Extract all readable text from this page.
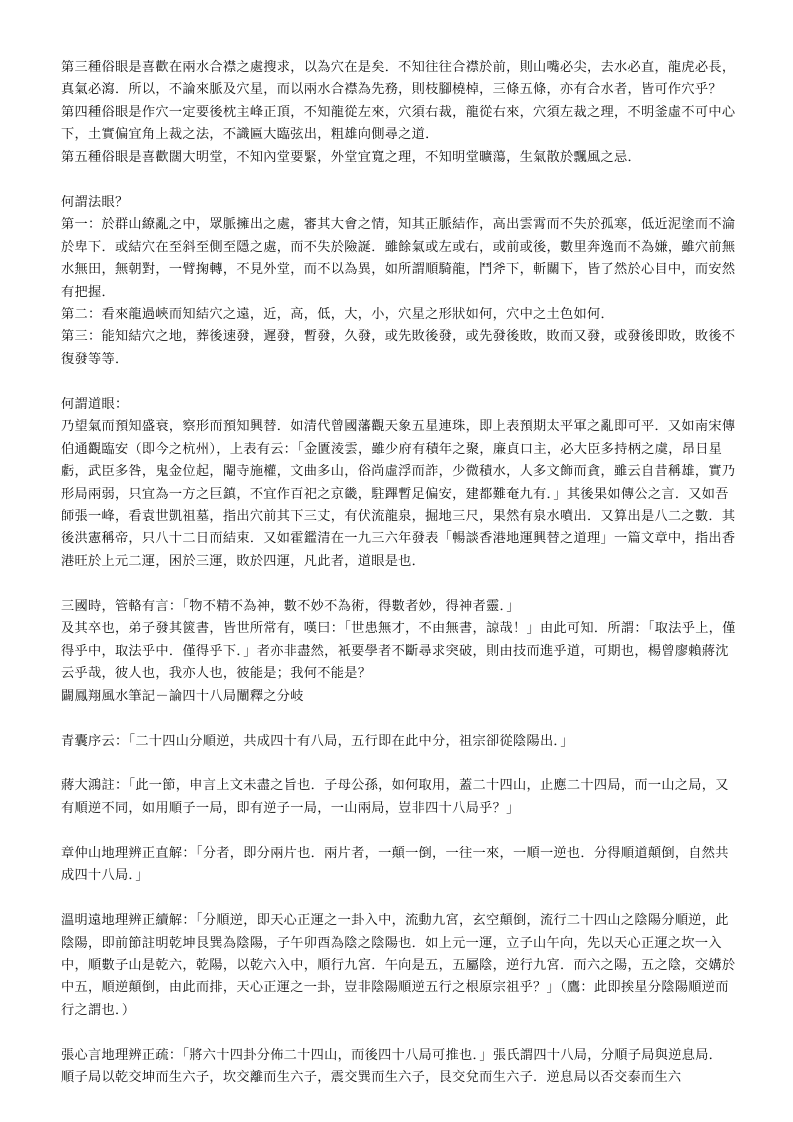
第三種俗眼是喜歡在兩水合襟之處搜求，以為穴在是矣．不知往往合襟於前，則山嘴必尖，去水必直，龍虎必長，真氣必瀉．所以，不論來脈及穴星，而以兩水合襟為先務，則枝腳橈棹，三條五條，亦有合水者，皆可作穴乎？

第四種俗眼是作穴一定要後枕主峰正頂，不知龍從左來，穴須右裁，龍從右來，穴須左裁之理，不明釜虛不可中心下，土實偏宜角上裁之法，不識匾大臨弦出，粗雄向側尋之道．

第五種俗眼是喜歡闊大明堂，不知內堂要緊，外堂宜寬之理，不知明堂曠蕩，生氣散於飄風之忌．

何謂法眼？

第一：於群山繚亂之中，眾脈擁出之處，審其大會之情，知其正脈結作，高出雲霄而不失於孤寒，低近泥塗而不淪於卑下．或結穴在至斜至側至隱之處，而不失於險誕．雖餘氣或左或右，或前或後，數里奔逸而不為嫌，雖穴前無水無田，無朝對，一臂掬轉，不見外堂，而不以為異，如所謂順騎龍，鬥斧下，斬關下，皆了然於心目中，而安然有把握．

第二：看來龍過峽而知結穴之遠，近，高，低，大，小，穴星之形狀如何，穴中之土色如何．

第三：能知結穴之地，葬後速發，遲發，暫發，久發，或先敗後發，或先發後敗，敗而又發，或發後即敗，敗後不復發等等．

何謂道眼：

乃望氣而預知盛衰，察形而預知興替．如清代曾國藩觀天象五星連珠，即上表預期太平軍之亂即可平．又如南宋傳伯通觀臨安（即今之杭州），上表有云：「金匱淩雲，雖少府有積年之聚，廉貞口主，必大臣多持柄之虞，昂日星虧，武臣多咎，鬼金位起，閹寺施權，文曲多山，俗尚虛浮而詐，少微積水，人多文飾而貪，雖云自昔稱雄，實乃形局兩弱，只宜為一方之巨鎮，不宜作百祀之京畿，駐蹕暫足偏安，建都難奄九有．」其後果如傳公之言．又如吾師張一峰，看袁世凱祖墓，指出穴前其下三丈，有伏流龍泉，掘地三尺，果然有泉水噴出．又算出是八二之數．其後洪憲稱帝，只八十二日而結束．又如霍鑑清在一九三六年發表「暢談香港地運興替之道理」一篇文章中，指出香港旺於上元二運，困於三運，敗於四運，凡此者，道眼是也．

三國時，管輅有言：「物不精不為神，數不妙不為術，得數者妙，得神者靈．」

及其卒也，弟子發其篋書，皆世所常有，嘆曰：「世患無才，不由無書，諒哉！」由此可知．所謂：「取法乎上，僅得乎中，取法乎中．僅得乎下．」者亦非盡然，衹要學者不斷尋求突破，則由技而進乎道，可期也，楊曾廖賴蔣沈云乎哉，彼人也，我亦人也，彼能是；我何不能是？

闢鳳翔風水筆記－論四十八局闡釋之分岐

青囊序云：「二十四山分順逆，共成四十有八局，五行即在此中分，祖宗卻從陰陽出．」

蔣大鴻註：「此一節，申言上文未盡之旨也．子母公孫，如何取用，蓋二十四山，止應二十四局，而一山之局，又有順逆不同，如用順子一局，即有逆子一局，一山兩局，豈非四十八局乎？」

章仲山地理辨正直解：「分者，即分兩片也．兩片者，一顛一倒，一往一來，一順一逆也．分得順道顛倒，自然共成四十八局．」

溫明遠地理辨正續解：「分順逆，即天心正運之一卦入中，流動九宮，玄空顛倒，流行二十四山之陰陽分順逆，此陰陽，即前節註明乾坤艮巽為陰陽，子午卯酉為陰之陰陽也．如上元一運，立子山午向，先以天心正運之坎一入中，順數子山是乾六，乾陽，以乾六入中，順行九宮．午向是五，五屬陰，逆行九宮．而六之陽，五之陰，交媾於中五，順逆顛倒，由此而排，天心正運之一卦，豈非陰陽順逆五行之根原宗祖乎？」（鷹：此即挨星分陰陽順逆而行之謂也．）

張心言地理辨正疏：「將六十四卦分佈二十四山，而後四十八局可推也．」張氏謂四十八局，分順子局與逆息局．

順子局以乾交坤而生六子，坎交離而生六子，震交巽而生六子，艮交兌而生六子．逆息局以否交泰而生六
